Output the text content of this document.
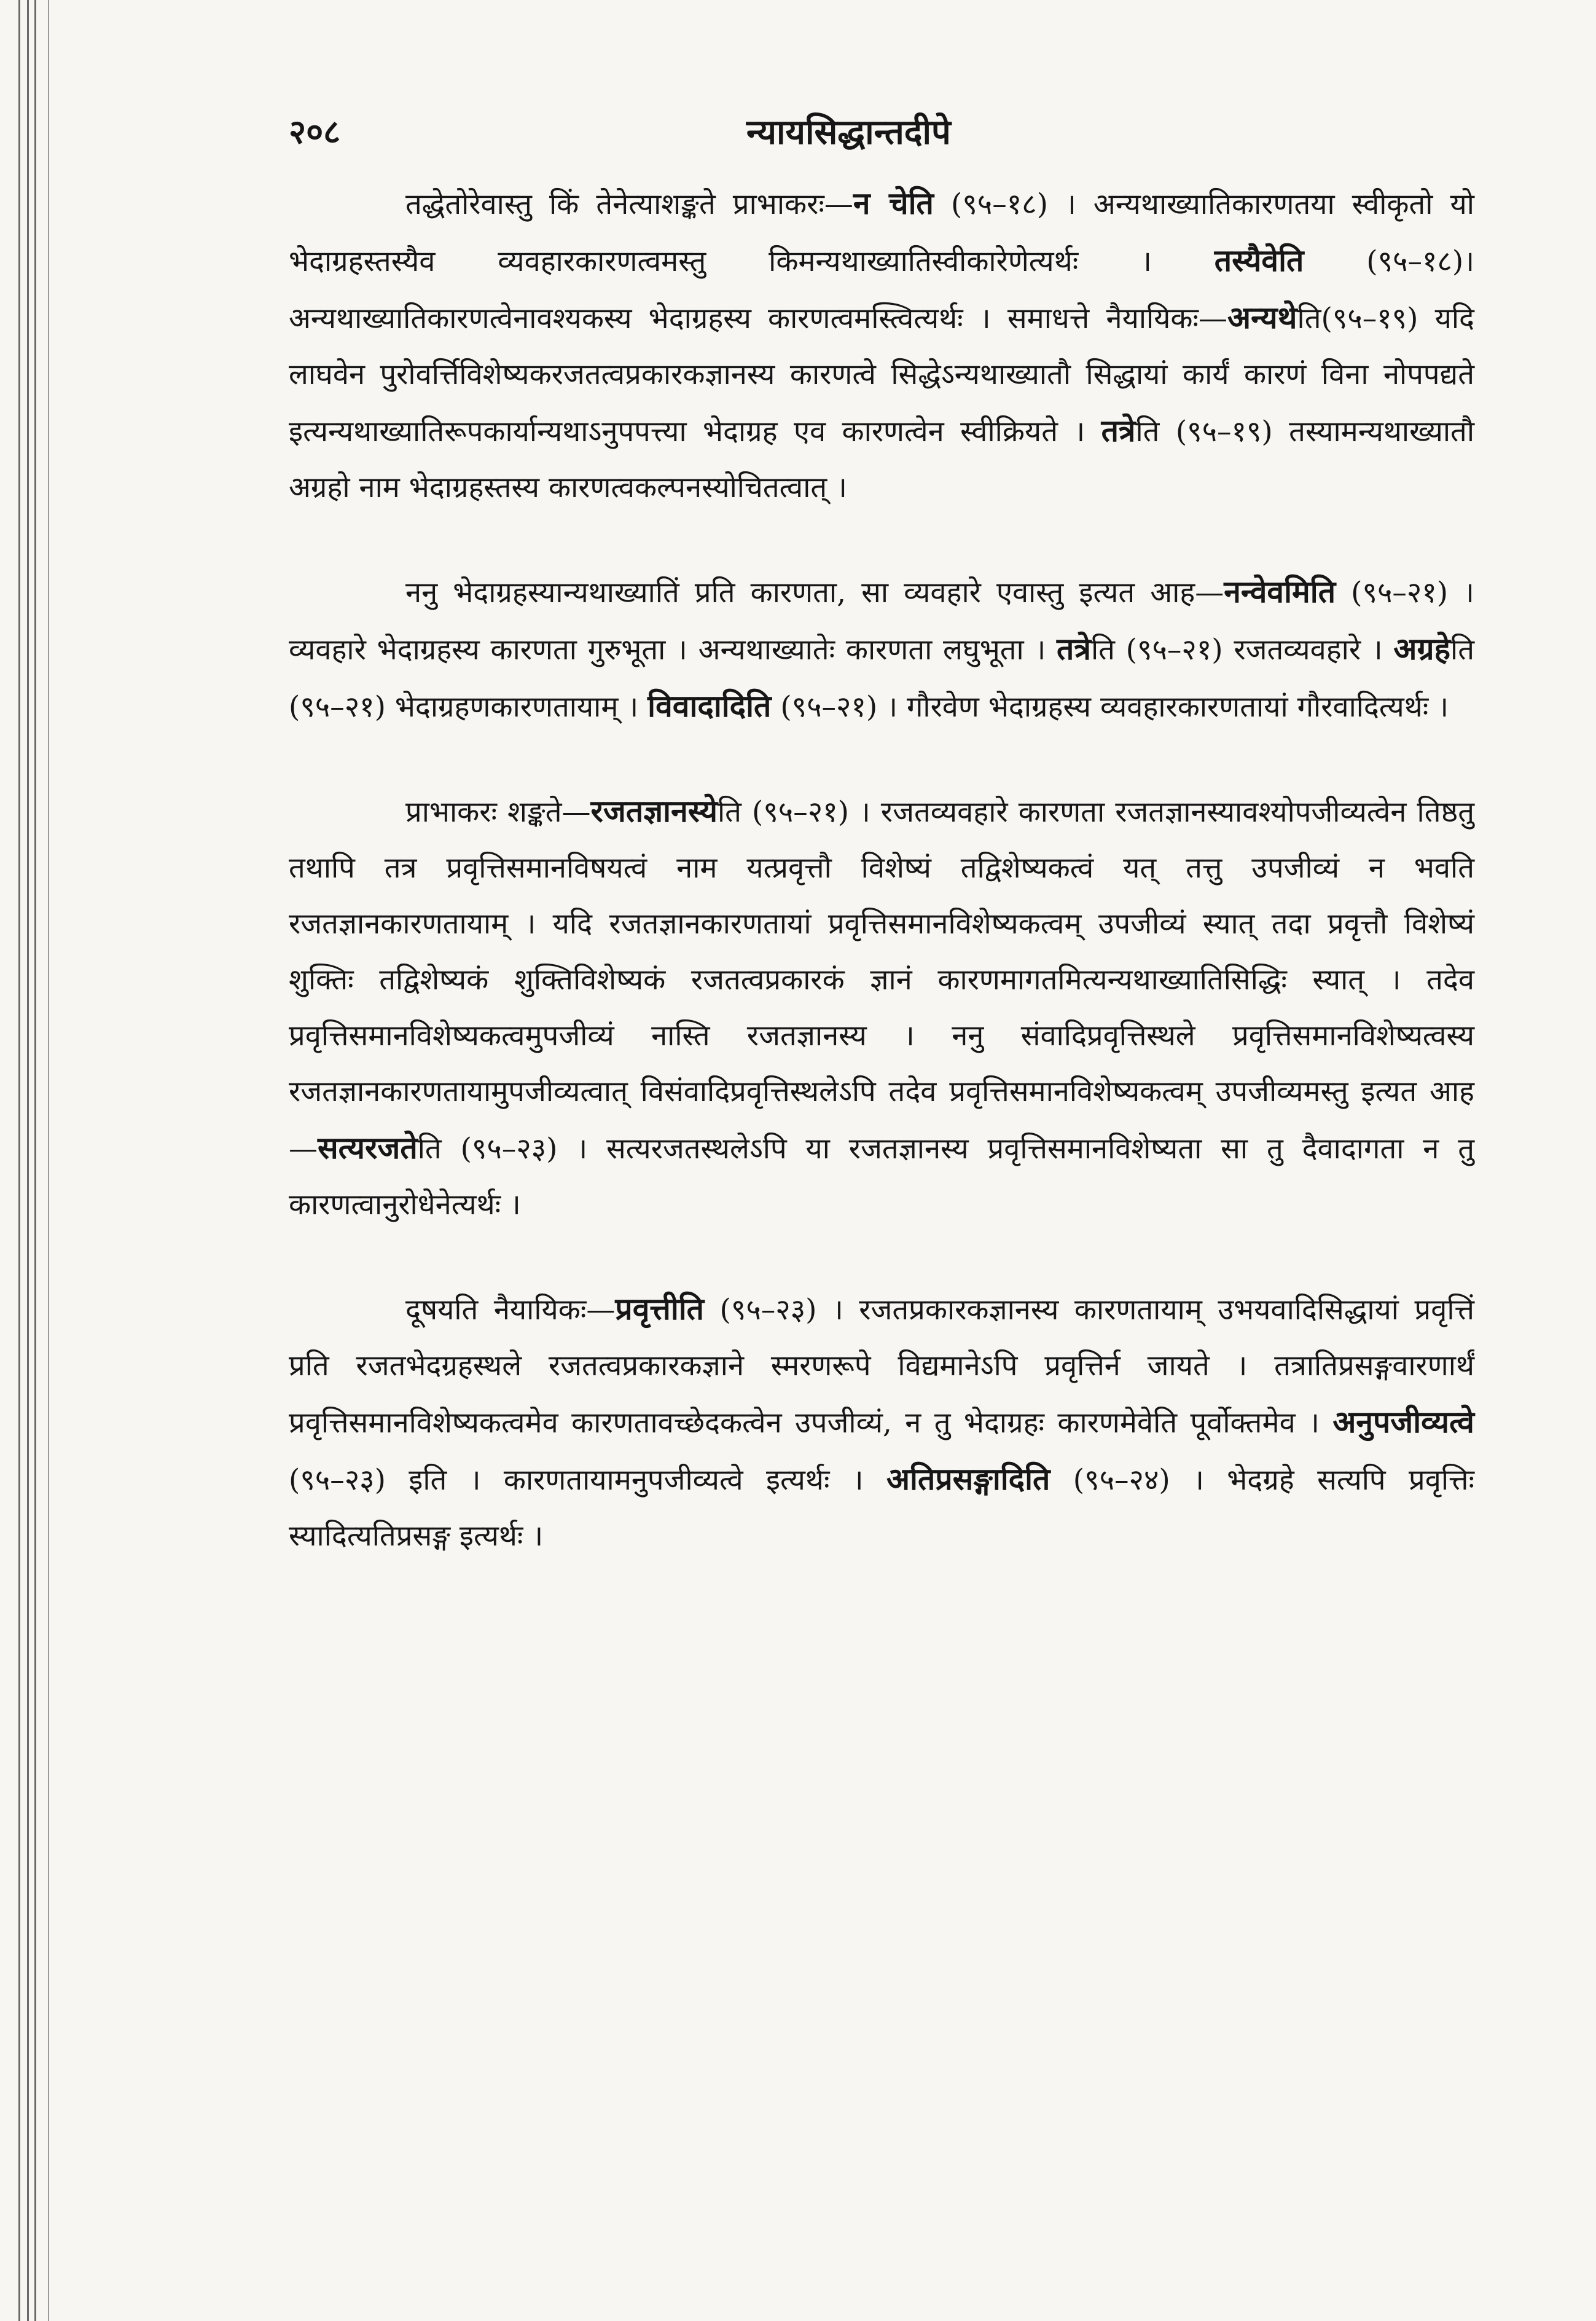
२०८	न्यायसिद्धान्तदीपे

तद्धेतोरेवास्तु किं तेनेत्याशङ्कते प्राभाकरः—न चेति (९५–१८) । अन्यथाख्यातिकारणतया स्वीकृतो यो भेदाग्रहस्तस्यैव व्यवहारकारणत्वमस्तु किमन्यथाख्यातिस्वीकारेणेत्यर्थः । तस्यैवेति (९५–१८)। अन्यथाख्यातिकारणत्वेनावश्यकस्य भेदाग्रहस्य कारणत्वमस्त्वित्यर्थः । समाधत्ते नैयायिकः—अन्यथेति(९५–१९) यदि लाघवेन पुरोवर्त्तिविशेष्यकरजतत्वप्रकारकज्ञानस्य कारणत्वे सिद्धेऽन्यथाख्यातौ सिद्धायां कार्यं कारणं विना नोपपद्यते इत्यन्यथाख्यातिरूपकार्यान्यथाऽनुपपत्त्या भेदाग्रह एव कारणत्वेन स्वीक्रियते । तत्रेति (९५–१९) तस्यामन्यथाख्यातौ अग्रहो नाम भेदाग्रहस्तस्य कारणत्वकल्पनस्योचितत्वात् ।

ननु भेदाग्रहस्यान्यथाख्यातिं प्रति कारणता, सा व्यवहारे एवास्तु इत्यत आह—नन्वेवमिति (९५–२१) । व्यवहारे भेदाग्रहस्य कारणता गुरुभूता । अन्यथाख्यातेः कारणता लघुभूता । तत्रेति (९५–२१) रजतव्यवहारे । अग्रहेति (९५–२१) भेदाग्रहणकारणतायाम् । विवादादिति (९५–२१) । गौरवेण भेदाग्रहस्य व्यवहारकारणतायां गौरवादित्यर्थः ।

प्राभाकरः शङ्कते—रजतज्ञानस्येति (९५–२१) । रजतव्यवहारे कारणता रजतज्ञानस्यावश्योपजीव्यत्वेन तिष्ठतु तथापि तत्र प्रवृत्तिसमानविषयत्वं नाम यत्प्रवृत्तौ विशेष्यं तद्विशेष्यकत्वं यत् तत्तु उपजीव्यं न भवति रजतज्ञानकारणतायाम् । यदि रजतज्ञानकारणतायां प्रवृत्तिसमानविशेष्यकत्वम् उपजीव्यं स्यात् तदा प्रवृत्तौ विशेष्यं शुक्तिः तद्विशेष्यकं शुक्तिविशेष्यकं रजतत्वप्रकारकं ज्ञानं कारणमागतमित्यन्यथाख्यातिसिद्धिः स्यात् । तदेव प्रवृत्तिसमानविशेष्यकत्वमुपजीव्यं नास्ति रजतज्ञानस्य । ननु संवादिप्रवृत्तिस्थले प्रवृत्तिसमानविशेष्यत्वस्य रजतज्ञानकारणतायामुपजीव्यत्वात् विसंवादिप्रवृत्तिस्थलेऽपि तदेव प्रवृत्तिसमानविशेष्यकत्वम् उपजीव्यमस्तु इत्यत आह—सत्यरजतेति (९५–२३) । सत्यरजतस्थलेऽपि या रजतज्ञानस्य प्रवृत्तिसमानविशेष्यता सा तु दैवादागता न तु कारणत्वानुरोधेनेत्यर्थः ।

दूषयति नैयायिकः—प्रवृत्तीति (९५–२३) । रजतप्रकारकज्ञानस्य कारणतायाम् उभयवादिसिद्धायां प्रवृत्तिं प्रति रजतभेदग्रहस्थले रजतत्वप्रकारकज्ञाने स्मरणरूपे विद्यमानेऽपि प्रवृत्तिर्न जायते । तत्रातिप्रसङ्गवारणार्थं प्रवृत्तिसमानविशेष्यकत्वमेव कारणतावच्छेदकत्वेन उपजीव्यं, न तु भेदाग्रहः कारणमेवेति पूर्वोक्तमेव । अनुपजीव्यत्वे (९५–२३) इति । कारणतायामनुपजीव्यत्वे इत्यर्थः । अतिप्रसङ्गादिति (९५–२४) । भेदग्रहे सत्यपि प्रवृत्तिः स्यादित्यतिप्रसङ्ग इत्यर्थः ।
